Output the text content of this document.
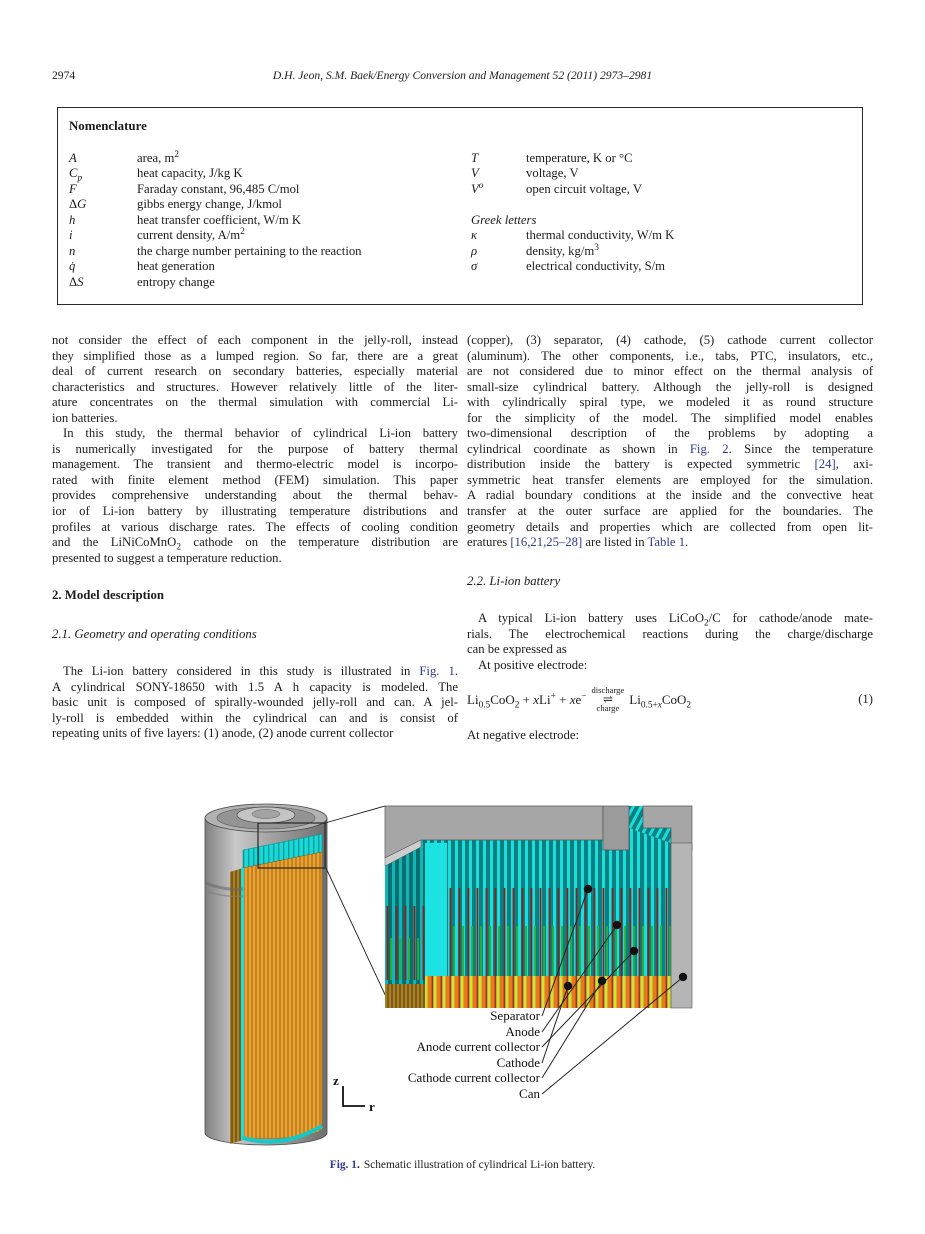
2974	D.H. Jeon, S.M. Baek/Energy Conversion and Management 52 (2011) 2973–2981
Nomenclature
A	area, $m^2$
$C_p$	heat capacity, J/kg K
F	Faraday constant, 96,485 C/mol
ΔG	gibbs energy change, J/kmol
h	heat transfer coefficient, W/m K
i	current density, $A/m^2$
n	the charge number pertaining to the reaction
q̇	heat generation
ΔS	entropy change
T	temperature, K or °C
V	voltage, V
$V^o$	open circuit voltage, V
Greek letters
κ	thermal conductivity, W/m K
ρ	density, $kg/m^3$
σ	electrical conductivity, S/m
not consider the effect of each component in the jelly-roll, instead
they simplified those as a lumped region. So far, there are a great
deal of current research on secondary batteries, especially material
characteristics and structures. However relatively little of the liter-
ature concentrates on the thermal simulation with commercial Li-
ion batteries.
In this study, the thermal behavior of cylindrical Li-ion battery
is numerically investigated for the purpose of battery thermal
management. The transient and thermo-electric model is incorpo-
rated with finite element method (FEM) simulation. This paper
provides comprehensive understanding about the thermal behav-
ior of Li-ion battery by illustrating temperature distributions and
profiles at various discharge rates. The effects of cooling condition
and the LiNiCoMnO$_2$ cathode on the temperature distribution are
presented to suggest a temperature reduction.
2. Model description
2.1. Geometry and operating conditions
The Li-ion battery considered in this study is illustrated in Fig. 1.
A cylindrical SONY-18650 with 1.5 A h capacity is modeled. The
basic unit is composed of spirally-wounded jelly-roll and can. A jel-
ly-roll is embedded within the cylindrical can and is consist of
repeating units of five layers: (1) anode, (2) anode current collector
(copper), (3) separator, (4) cathode, (5) cathode current collector
(aluminum). The other components, i.e., tabs, PTC, insulators, etc.,
are not considered due to minor effect on the thermal analysis of
small-size cylindrical battery. Although the jelly-roll is designed
with cylindrically spiral type, we modeled it as round structure
for the simplicity of the model. The simplified model enables
two-dimensional description of the problems by adopting a
cylindrical coordinate as shown in Fig. 2. Since the temperature
distribution inside the battery is expected symmetric [24], axi-
symmetric heat transfer elements are employed for the simulation.
A radial boundary conditions at the inside and the convective heat
transfer at the outer surface are applied for the boundaries. The
geometry details and properties which are collected from open lit-
eratures [16,21,25–28] are listed in Table 1.
2.2. Li-ion battery
A typical Li-ion battery uses LiCoO$_2$/C for cathode/anode mate-
rials. The electrochemical reactions during the charge/discharge
can be expressed as
At positive electrode:
$Li_{0.5}CoO_2 + xLi^+ + xe^-$
discharge
⇌
charge
$Li_{0.5+x}CoO_2$	(1)
At negative electrode:
Separator
Anode
Anode current collector
Cathode
Cathode current collector
Can
z
r
Fig. 1. Schematic illustration of cylindrical Li-ion battery.
